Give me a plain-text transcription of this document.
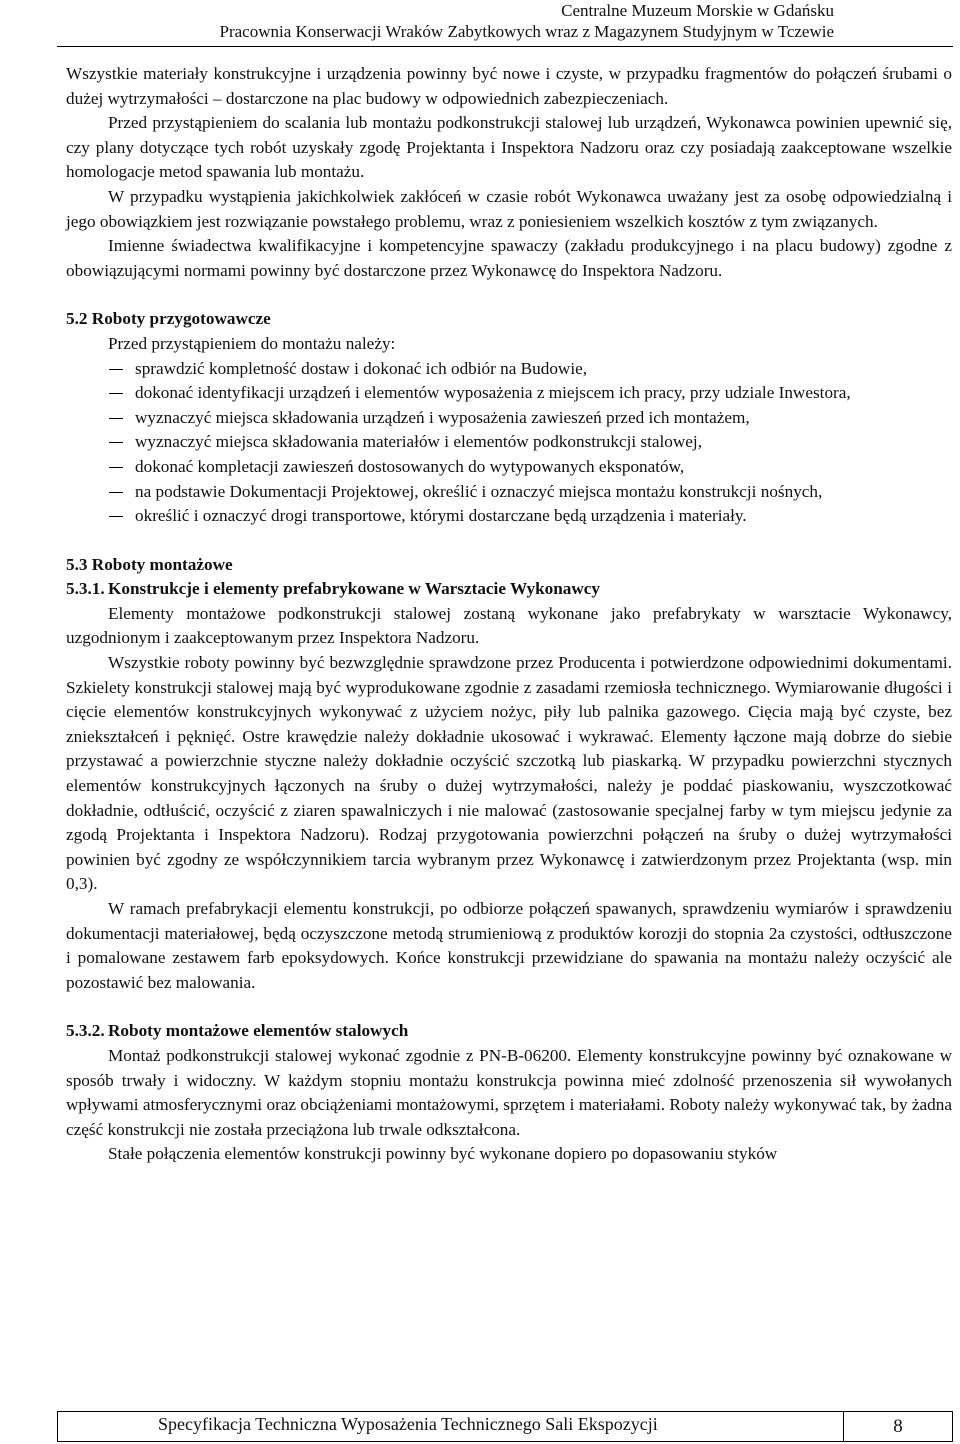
Centralne Muzeum Morskie w Gdańsku
Pracownia Konserwacji Wraków Zabytkowych wraz z Magazynem Studyjnym w Tczewie

Wszystkie materiały konstrukcyjne i urządzenia powinny być nowe i czyste, w przypadku fragmentów do połączeń śrubami o dużej wytrzymałości – dostarczone na plac budowy w odpowiednich zabezpieczeniach.

Przed przystąpieniem do scalania lub montażu podkonstrukcji stalowej lub urządzeń, Wykonawca powinien upewnić się, czy plany dotyczące tych robót uzyskały zgodę Projektanta i Inspektora Nadzoru oraz czy posiadają zaakceptowane wszelkie homologacje metod spawania lub montażu.

W przypadku wystąpienia jakichkolwiek zakłóceń w czasie robót Wykonawca uważany jest za osobę odpowiedzialną i jego obowiązkiem jest rozwiązanie powstałego problemu, wraz z poniesieniem wszelkich kosztów z tym związanych.

Imienne świadectwa kwalifikacyjne i kompetencyjne spawaczy (zakładu produkcyjnego i na placu budowy) zgodne z obowiązującymi normami powinny być dostarczone przez Wykonawcę do Inspektora Nadzoru.

5.2 Roboty przygotowawcze

Przed przystąpieniem do montażu należy:

sprawdzić kompletność dostaw i dokonać ich odbiór na Budowie,
dokonać identyfikacji urządzeń i elementów wyposażenia z miejscem ich pracy, przy udziale Inwestora,
wyznaczyć miejsca składowania urządzeń i wyposażenia zawieszeń przed ich montażem,
wyznaczyć miejsca składowania materiałów i elementów podkonstrukcji stalowej,
dokonać kompletacji zawieszeń dostosowanych do wytypowanych eksponatów,
na podstawie Dokumentacji Projektowej, określić i oznaczyć miejsca montażu konstrukcji nośnych,
określić i oznaczyć drogi transportowe, którymi dostarczane będą urządzenia i materiały.

5.3 Roboty montażowe

5.3.1. Konstrukcje i elementy prefabrykowane w Warsztacie Wykonawcy

Elementy montażowe podkonstrukcji stalowej zostaną wykonane jako prefabrykaty w warsztacie Wykonawcy, uzgodnionym i zaakceptowanym przez Inspektora Nadzoru.

Wszystkie roboty powinny być bezwzględnie sprawdzone przez Producenta i potwierdzone odpowiednimi dokumentami. Szkielety konstrukcji stalowej mają być wyprodukowane zgodnie z zasadami rzemiosła technicznego. Wymiarowanie długości i cięcie elementów konstrukcyjnych wykonywać z użyciem nożyc, piły lub palnika gazowego. Cięcia mają być czyste, bez zniekształceń i pęknięć. Ostre krawędzie należy dokładnie ukosować i wykrawać. Elementy łączone mają dobrze do siebie przystawać a powierzchnie styczne należy dokładnie oczyścić szczotką lub piaskarką. W przypadku powierzchni stycznych elementów konstrukcyjnych łączonych na śruby o dużej wytrzymałości, należy je poddać piaskowaniu, wyszczotkować dokładnie, odtłuścić, oczyścić z ziaren spawalniczych i nie malować (zastosowanie specjalnej farby w tym miejscu jedynie za zgodą Projektanta i Inspektora Nadzoru). Rodzaj przygotowania powierzchni połączeń na śruby o dużej wytrzymałości powinien być zgodny ze współczynnikiem tarcia wybranym przez Wykonawcę i zatwierdzonym przez Projektanta (wsp. min 0,3).

W ramach prefabrykacji elementu konstrukcji, po odbiorze połączeń spawanych, sprawdzeniu wymiarów i sprawdzeniu dokumentacji materiałowej, będą oczyszczone metodą strumieniową z produktów korozji do stopnia 2a czystości, odtłuszczone i pomalowane zestawem farb epoksydowych. Końce konstrukcji przewidziane do spawania na montażu należy oczyścić ale pozostawić bez malowania.

5.3.2. Roboty montażowe elementów stalowych

Montaż podkonstrukcji stalowej wykonać zgodnie z PN-B-06200. Elementy konstrukcyjne powinny być oznakowane w sposób trwały i widoczny. W każdym stopniu montażu konstrukcja powinna mieć zdolność przenoszenia sił wywołanych wpływami atmosferycznymi oraz obciążeniami montażowymi, sprzętem i materiałami. Roboty należy wykonywać tak, by żadna część konstrukcji nie została przeciążona lub trwale odkształcona.

Stałe połączenia elementów konstrukcji powinny być wykonane dopiero po dopasowaniu styków

Specyfikacja Techniczna Wyposażenia Technicznego Sali Ekspozycji	8
